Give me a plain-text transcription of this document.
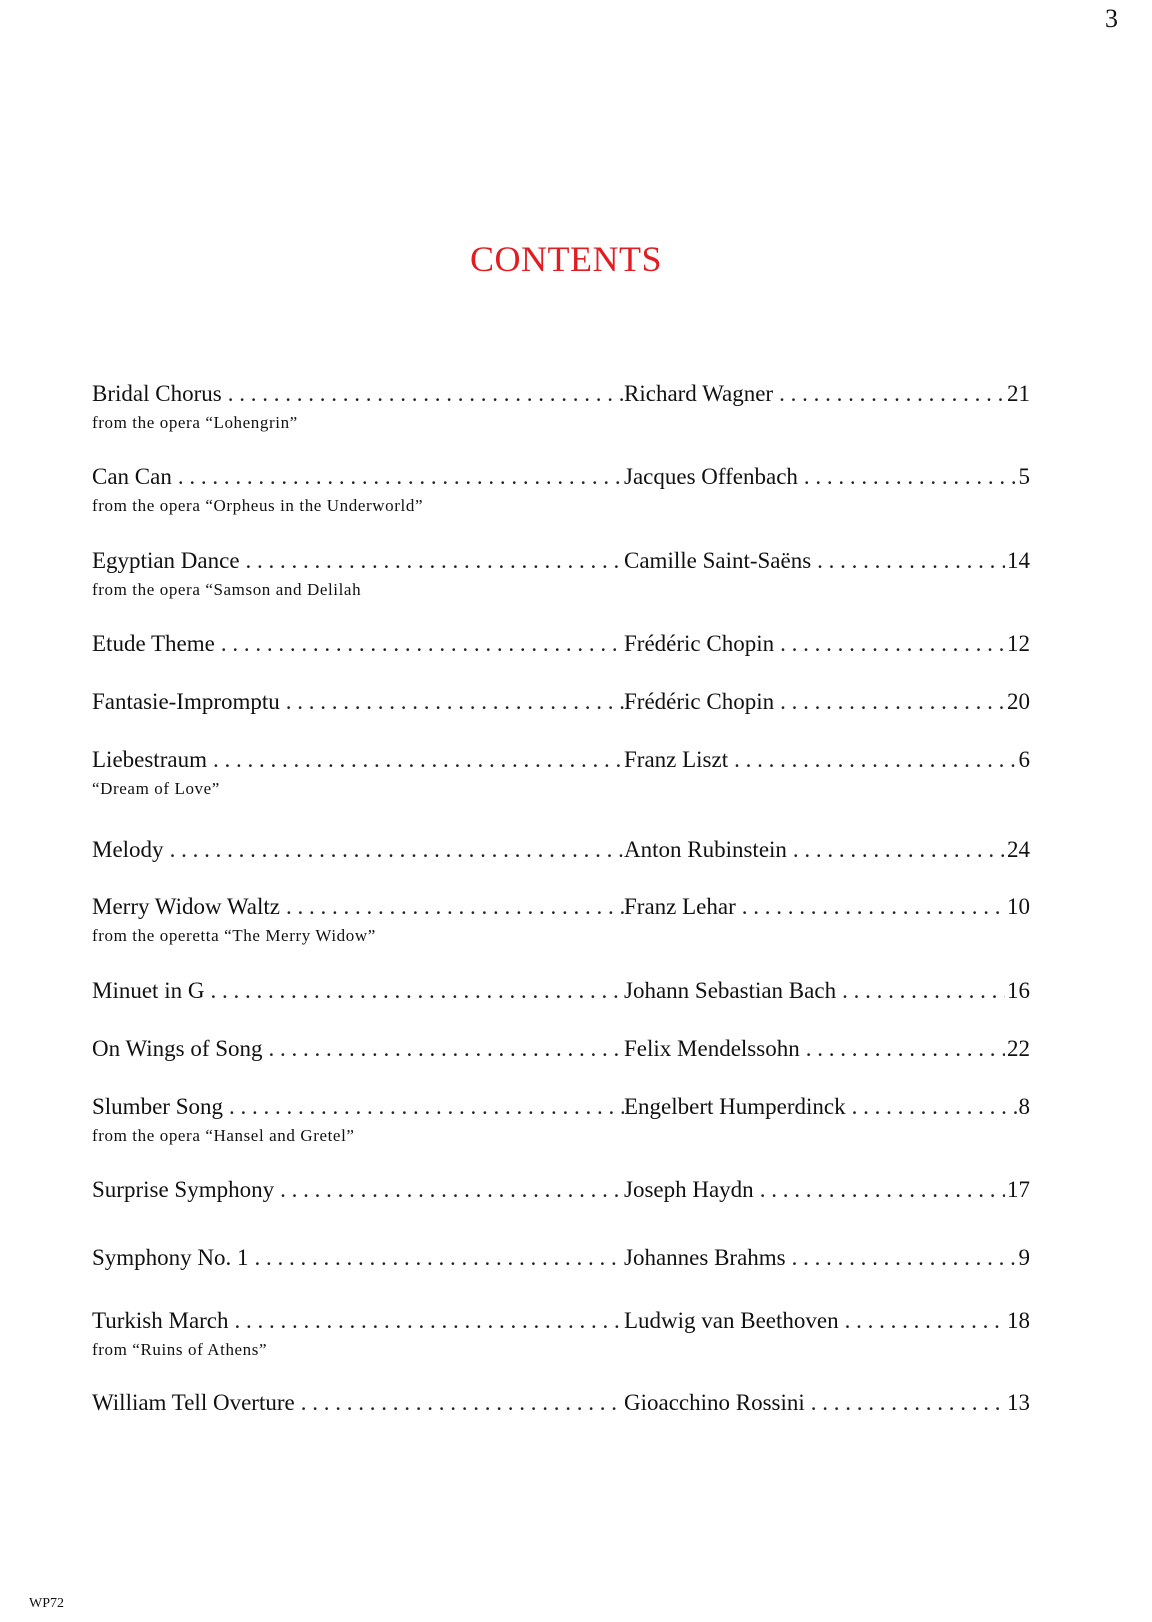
3
CONTENTS
Bridal Chorus . . .	Richard Wagner . . .	21
from the opera “Lohengrin”
Can Can . . .	Jacques Offenbach . . .	5
from the opera “Orpheus in the Underworld”
Egyptian Dance . . .	Camille Saint-Saëns . . .	14
from the opera “Samson and Delilah
Etude Theme . . .	Frédéric Chopin . . .	12
Fantasie-Impromptu . . .	Frédéric Chopin . . .	20
Liebestraum . . .	Franz Liszt . . .	6
“Dream of Love”
Melody . . .	Anton Rubinstein . . .	24
Merry Widow Waltz . . .	Franz Lehar . . .	10
from the operetta “The Merry Widow”
Minuet in G . . .	Johann Sebastian Bach . . .	16
On Wings of Song . . .	Felix Mendelssohn . . .	22
Slumber Song . . .	Engelbert Humperdinck . . .	8
from the opera “Hansel and Gretel”
Surprise Symphony . . .	Joseph Haydn . . .	17
Symphony No. 1 . . .	Johannes Brahms . . .	9
Turkish March . . .	Ludwig van Beethoven . . .	18
from “Ruins of Athens”
William Tell Overture . . .	Gioacchino Rossini . . .	13
WP72
